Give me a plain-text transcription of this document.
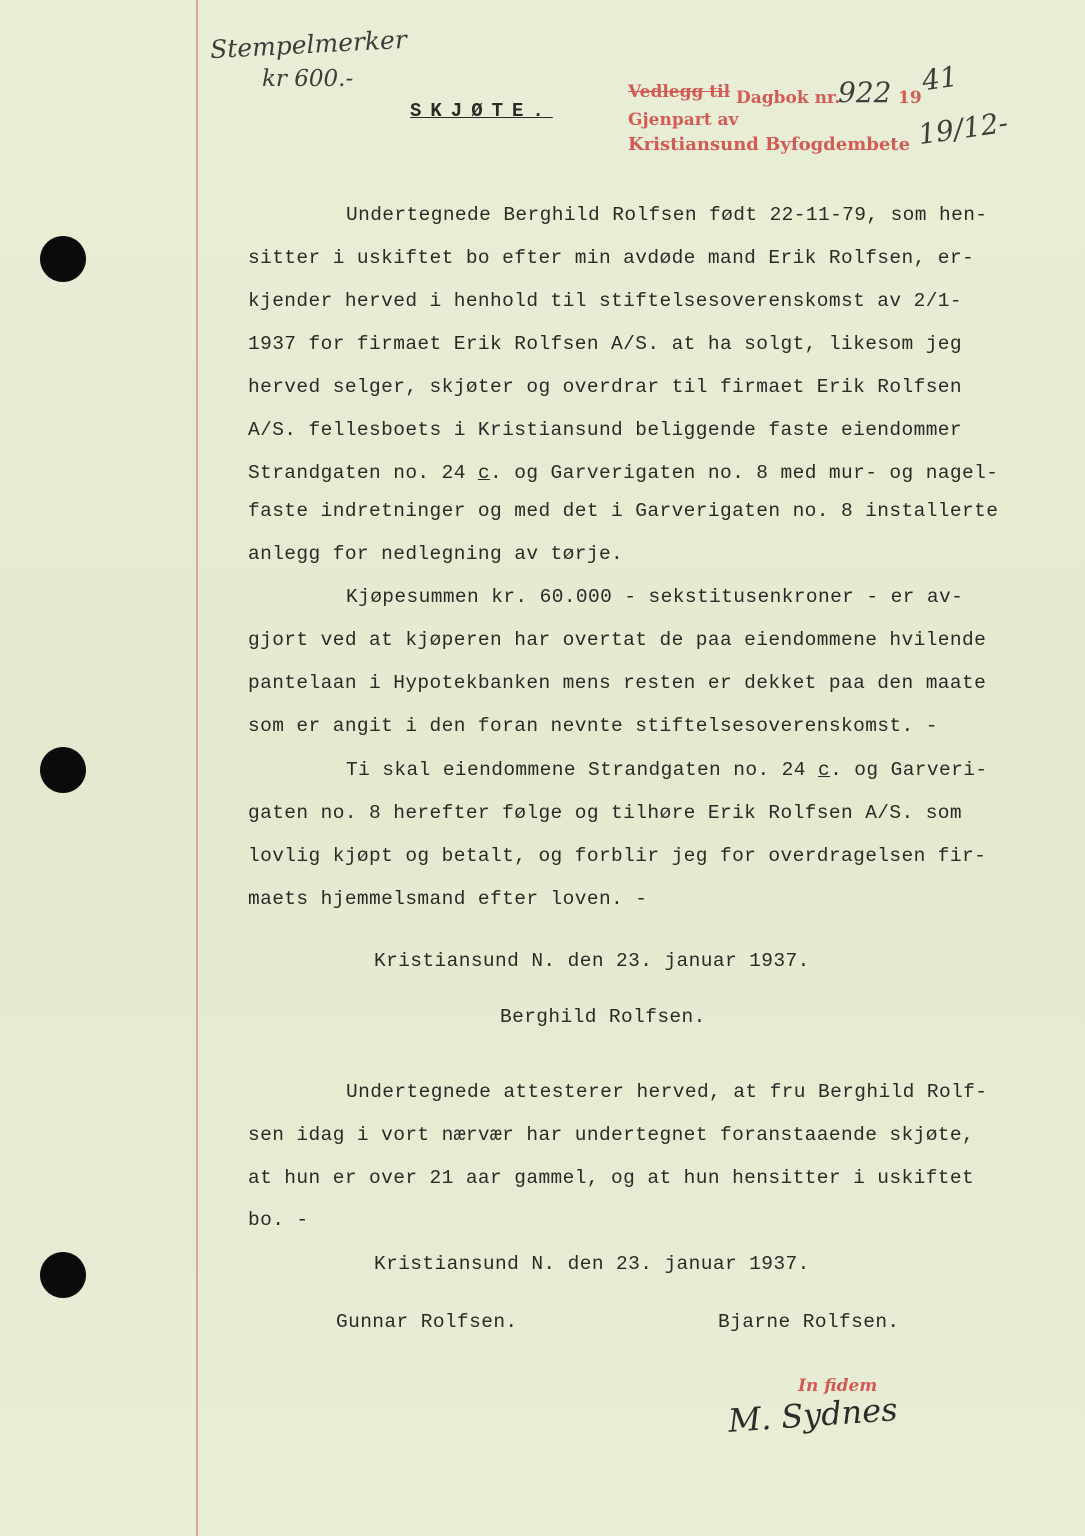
Stempelmerker
kr 600.-
SKJØTE.
Vedlegg til Dagbok nr.
922 19
41
19/12-
Gjenpart av
Kristiansund Byfogdembete
Undertegnede Berghild Rolfsen født 22-11-79, som hen-
sitter i uskiftet bo efter min avdøde mand Erik Rolfsen, er-
kjender herved i henhold til stiftelsesoverenskomst av 2/1-
1937 for firmaet Erik Rolfsen A/S. at ha solgt, likesom jeg
herved selger, skjøter og overdrar til firmaet Erik Rolfsen
A/S. fellesboets i Kristiansund beliggende faste eiendommer
Strandgaten no. 24 c. og Garverigaten no. 8 med mur- og nagel-
faste indretninger og med det i Garverigaten no. 8 installerte
anlegg for nedlegning av tørje.
Kjøpesummen kr. 60.000 - sekstitusenkroner - er av-
gjort ved at kjøperen har overtat de paa eiendommene hvilende
pantelaan i Hypotekbanken mens resten er dekket paa den maate
som er angit i den foran nevnte stiftelsesoverenskomst. -
Ti skal eiendommene Strandgaten no. 24 c. og Garveri-
gaten no. 8 herefter følge og tilhøre Erik Rolfsen A/S. som
lovlig kjøpt og betalt, og forblir jeg for overdragelsen fir-
maets hjemmelsmand efter loven. -
Kristiansund N. den 23. januar 1937.
Berghild Rolfsen.
Undertegnede attesterer herved, at fru Berghild Rolf-
sen idag i vort nærvær har undertegnet foranstaaende skjøte,
at hun er over 21 aar gammel, og at hun hensitter i uskiftet
bo. -
Kristiansund N. den 23. januar 1937.
Gunnar Rolfsen.	Bjarne Rolfsen.
In fidem
M. Sydnes
